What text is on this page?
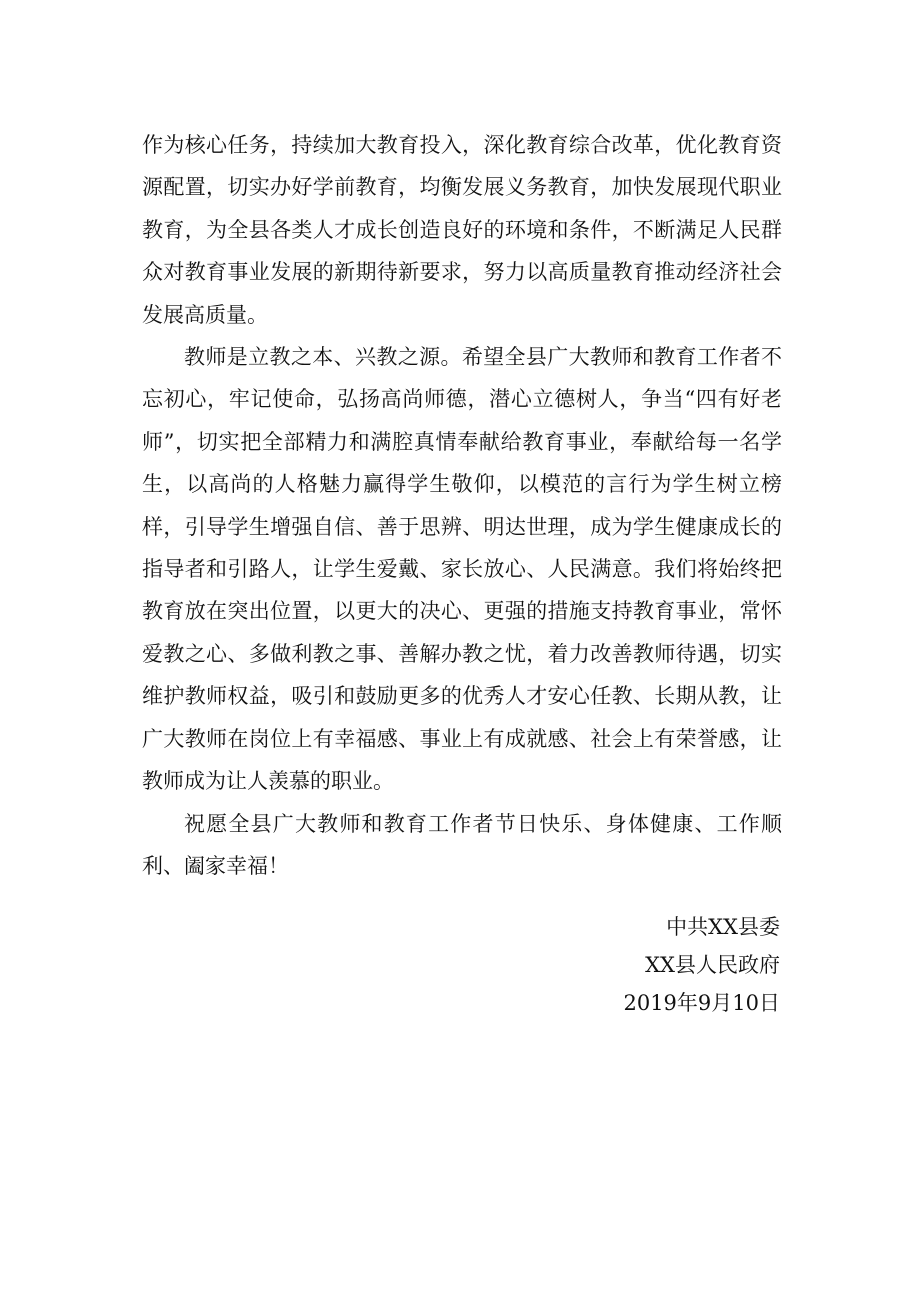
作为核心任务，持续加大教育投入，深化教育综合改革，优化教育资源配置，切实办好学前教育，均衡发展义务教育，加快发展现代职业教育，为全县各类人才成长创造良好的环境和条件，不断满足人民群众对教育事业发展的新期待新要求，努力以高质量教育推动经济社会发展高质量。

教师是立教之本、兴教之源。希望全县广大教师和教育工作者不忘初心，牢记使命，弘扬高尚师德，潜心立德树人，争当“四有好老师”，切实把全部精力和满腔真情奉献给教育事业，奉献给每一名学生，以高尚的人格魅力赢得学生敬仰，以模范的言行为学生树立榜样，引导学生增强自信、善于思辨、明达世理，成为学生健康成长的指导者和引路人，让学生爱戴、家长放心、人民满意。我们将始终把教育放在突出位置，以更大的决心、更强的措施支持教育事业，常怀爱教之心、多做利教之事、善解办教之忧，着力改善教师待遇，切实维护教师权益，吸引和鼓励更多的优秀人才安心任教、长期从教，让广大教师在岗位上有幸福感、事业上有成就感、社会上有荣誉感，让教师成为让人羡慕的职业。

祝愿全县广大教师和教育工作者节日快乐、身体健康、工作顺利、阖家幸福！

中共XX县委
XX县人民政府
2019年9月10日
